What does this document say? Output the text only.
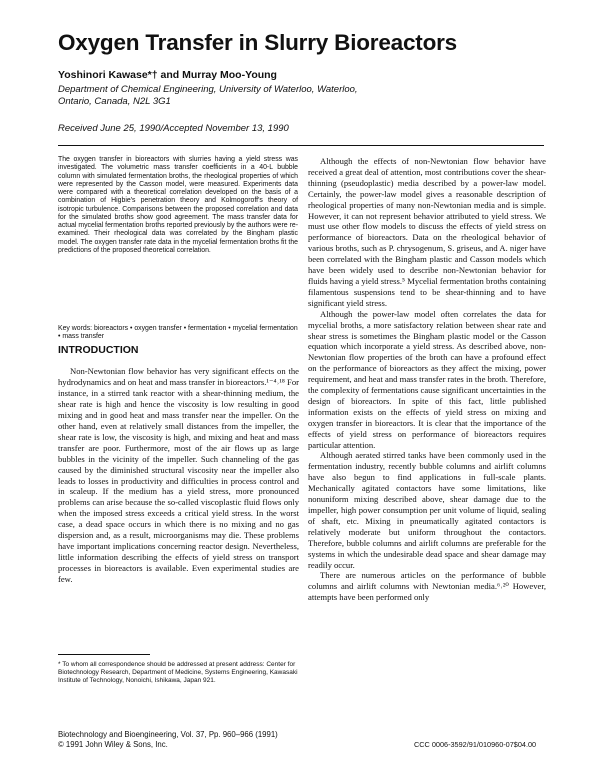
Oxygen Transfer in Slurry Bioreactors
Yoshinori Kawase*† and Murray Moo-Young
Department of Chemical Engineering, University of Waterloo, Waterloo,
Ontario, Canada, N2L 3G1
Received June 25, 1990/Accepted November 13, 1990
The oxygen transfer in bioreactors with slurries having a yield stress was investigated. The volumetric mass transfer coefficients in a 40-L bubble column with simulated fermentation broths, the rheological properties of which were represented by the Casson model, were measured. Experiments data were compared with a theoretical correlation developed on the basis of a combination of Higbie's penetration theory and Kolmogoroff's theory of isotropic turbulence. Comparisons between the proposed correlation and data for the simulated broths show good agreement. The mass transfer data for actual mycelial fermentation broths reported previously by the authors were re-examined. Their rheological data was correlated by the Bingham plastic model. The oxygen transfer rate data in the mycelial fermentation broths fit the predictions of the proposed theoretical correlation.
Key words: bioreactors • oxygen transfer • fermentation • mycelial fermentation • mass transfer
INTRODUCTION

Non-Newtonian flow behavior has very significant effects on the hydrodynamics and on heat and mass transfer in bioreactors.¹⁻⁴˒¹⁸ For instance, in a stirred tank reactor with a shear-thinning medium, the shear rate is high and hence the viscosity is low resulting in good mixing and in good heat and mass transfer near the impeller. On the other hand, even at relatively small distances from the impeller, the shear rate is low, the viscosity is high, and mixing and heat and mass transfer are poor. Furthermore, most of the air flows up as large bubbles in the vicinity of the impeller. Such channeling of the gas caused by the diminished structural viscosity near the impeller also leads to losses in productivity and difficulties in process control and in scaleup. If the medium has a yield stress, more pronounced problems can arise because the so-called viscoplastic fluid flows only when the imposed stress exceeds a critical yield stress. In the worst case, a dead space occurs in which there is no mixing and no gas dispersion and, as a result, microorganisms may die. These problems have important implications concerning reactor design. Nevertheless, little information describing the effects of yield stress on transport processes in bioreactors is available. Even experimental studies are few.

Although the effects of non-Newtonian flow behavior have received a great deal of attention, most contributions cover the shear-thinning (pseudoplastic) media described by a power-law model. Certainly, the power-law model gives a reasonable description of rheological properties of many non-Newtonian media and is simple. However, it can not represent behavior attributed to yield stress. We must use other flow models to discuss the effects of yield stress on performance of bioreactors. Data on the rheological behavior of various broths, such as P. chrysogenum, S. griseus, and A. niger have been correlated with the Bingham plastic and Casson models which have been widely used to describe non-Newtonian behavior for fluids having a yield stress.⁵ Mycelial fermentation broths containing filamentous suspensions tend to be shear-thinning and to have significant yield stress.

Although the power-law model often correlates the data for mycelial broths, a more satisfactory relation between shear rate and shear stress is sometimes the Bingham plastic model or the Casson equation which incorporate a yield stress. As described above, non-Newtonian flow properties of the broth can have a profound effect on the performance of bioreactors as they affect the mixing, power requirement, and heat and mass transfer rates in the broth. Therefore, the complexity of fermentations cause significant uncertainties in the design of bioreactors. In spite of this fact, little published information exists on the effects of yield stress on mixing and oxygen transfer in bioreactors. It is clear that the importance of the effects of yield stress on performance of bioreactors requires particular attention.

Although aerated stirred tanks have been commonly used in the fermentation industry, recently bubble columns and airlift columns have also begun to find applications in full-scale plants. Mechanically agitated contactors have some limitations, like nonuniform mixing described above, shear damage due to the impeller, high power consumption per unit volume of liquid, sealing of shaft, etc. Mixing in pneumatically agitated contactors is relatively moderate but uniform throughout the contactors. Therefore, bubble columns and airlift columns are preferable for the systems in which the undesirable dead space and shear damage may readily occur.

There are numerous articles on the performance of bubble columns and airlift columns with Newtonian media.⁶˒²⁰ However, attempts have been performed only

* To whom all correspondence should be addressed at present address: Center for Biotechnology Research, Department of Medicine, Systems Engineering, Kawasaki Institute of Technology, Nonoichi, Ishikawa, Japan 921.
Biotechnology and Bioengineering, Vol. 37, Pp. 960–966 (1991)
© 1991 John Wiley & Sons, Inc.	CCC 0006-3592/91/010960-07$04.00
